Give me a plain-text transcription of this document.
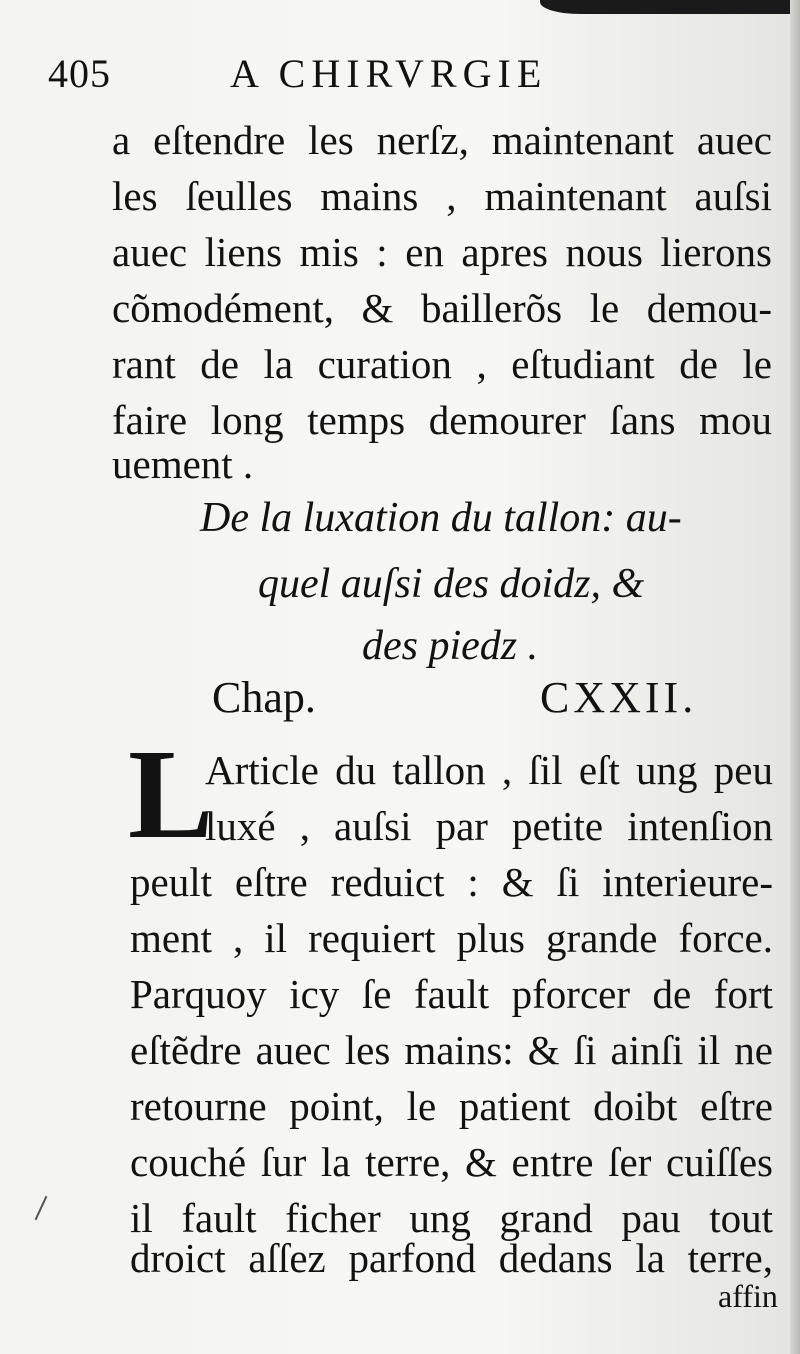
405	A CHIRVRGIE
a eſtendre les nerſz, maintenant auec
les ſeulles mains , maintenant auſsi
auec liens mis : en apres nous lierons
cõmodément, & baillerõs le demou-
rant de la curation , eſtudiant de le
faire long temps demourer ſans mou
uement .
De la luxation du tallon: au-
quel auſsi des doidz, &
des piedz .
Chap.	CXXII.
L
Article du tallon , ſil eſt ung peu
luxé , auſsi par petite intenſion
peult eſtre reduict : & ſi interieure-
ment , il requiert plus grande force.
Parquoy icy ſe fault pforcer de fort
eſtẽdre auec les mains: & ſi ainſi il ne
retourne point, le patient doibt eſtre
couché ſur la terre, & entre ſer cuiſſes
il fault ficher ung grand pau tout
droict aſſez parfond dedans la terre,
affin
